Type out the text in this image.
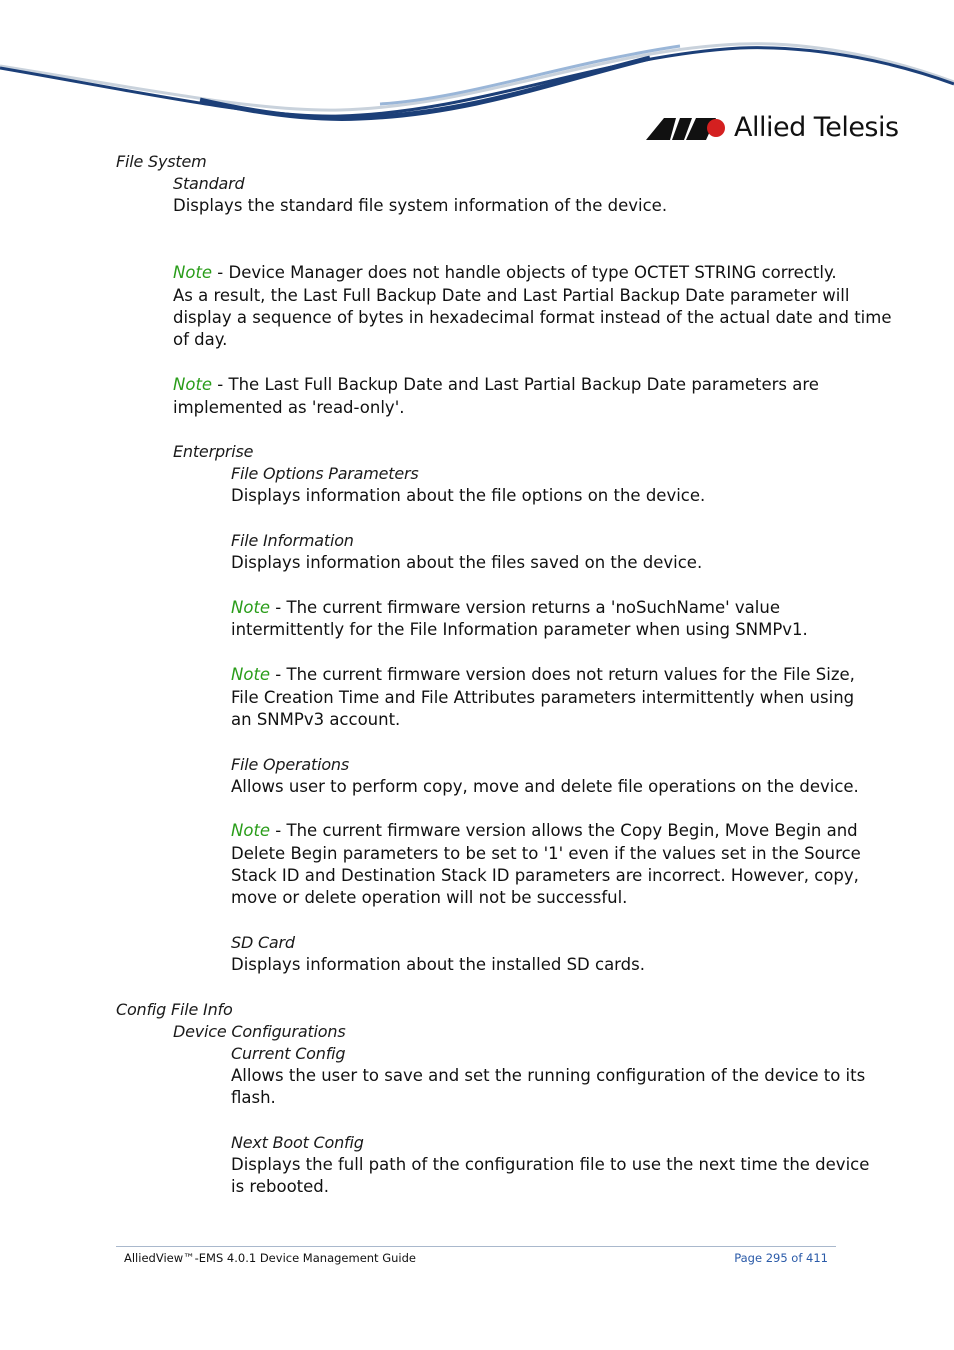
Allied Telesis
File System
Standard
Displays the standard file system information of the device.
Note - Device Manager does not handle objects of type OCTET STRING correctly.
As a result, the Last Full Backup Date and Last Partial Backup Date parameter will
display a sequence of bytes in hexadecimal format instead of the actual date and time
of day.
Note - The Last Full Backup Date and Last Partial Backup Date parameters are
implemented as 'read-only'.
Enterprise
File Options Parameters
Displays information about the file options on the device.
File Information
Displays information about the files saved on the device.
Note - The current firmware version returns a 'noSuchName' value
intermittently for the File Information parameter when using SNMPv1.
Note - The current firmware version does not return values for the File Size,
File Creation Time and File Attributes parameters intermittently when using
an SNMPv3 account.
File Operations
Allows user to perform copy, move and delete file operations on the device.
Note - The current firmware version allows the Copy Begin, Move Begin and
Delete Begin parameters to be set to '1' even if the values set in the Source
Stack ID and Destination Stack ID parameters are incorrect. However, copy,
move or delete operation will not be successful.
SD Card
Displays information about the installed SD cards.
Config File Info
Device Configurations
Current Config
Allows the user to save and set the running configuration of the device to its
flash.
Next Boot Config
Displays the full path of the configuration file to use the next time the device
is rebooted.
AlliedView™-EMS 4.0.1 Device Management Guide	Page 295 of 411
